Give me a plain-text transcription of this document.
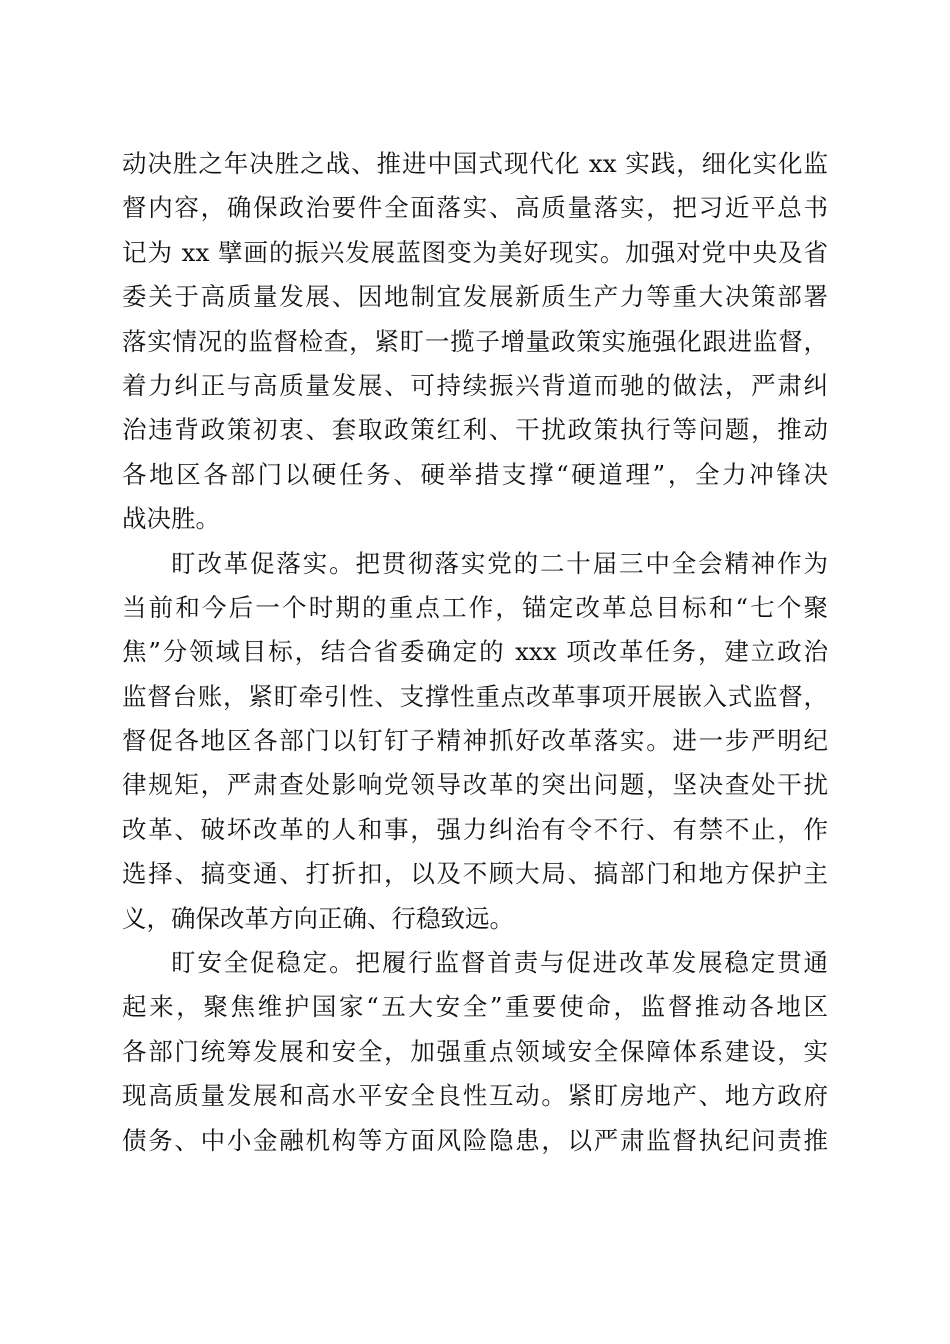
动决胜之年决胜之战、推进中国式现代化 xx 实践，细化实化监
督内容，确保政治要件全面落实、高质量落实，把习近平总书
记为 xx 擘画的振兴发展蓝图变为美好现实。加强对党中央及省
委关于高质量发展、因地制宜发展新质生产力等重大决策部署
落实情况的监督检查，紧盯一揽子增量政策实施强化跟进监督，
着力纠正与高质量发展、可持续振兴背道而驰的做法，严肃纠
治违背政策初衷、套取政策红利、干扰政策执行等问题，推动
各地区各部门以硬任务、硬举措支撑“硬道理”，全力冲锋决
战决胜。
盯改革促落实。把贯彻落实党的二十届三中全会精神作为
当前和今后一个时期的重点工作，锚定改革总目标和“七个聚
焦”分领域目标，结合省委确定的 xxx 项改革任务，建立政治
监督台账，紧盯牵引性、支撑性重点改革事项开展嵌入式监督，
督促各地区各部门以钉钉子精神抓好改革落实。进一步严明纪
律规矩，严肃查处影响党领导改革的突出问题，坚决查处干扰
改革、破坏改革的人和事，强力纠治有令不行、有禁不止，作
选择、搞变通、打折扣，以及不顾大局、搞部门和地方保护主
义，确保改革方向正确、行稳致远。
盯安全促稳定。把履行监督首责与促进改革发展稳定贯通
起来，聚焦维护国家“五大安全”重要使命，监督推动各地区
各部门统筹发展和安全，加强重点领域安全保障体系建设，实
现高质量发展和高水平安全良性互动。紧盯房地产、地方政府
债务、中小金融机构等方面风险隐患，以严肃监督执纪问责推
